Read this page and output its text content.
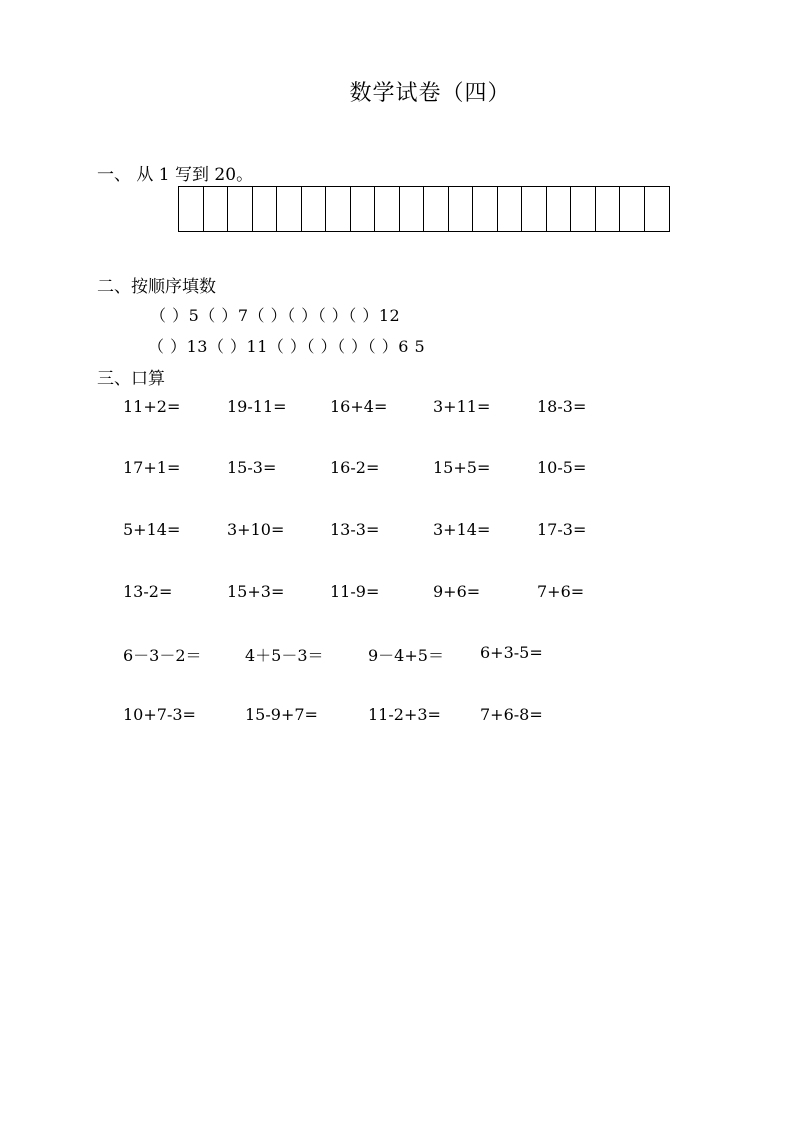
数学试卷（四）
一、 从 1 写到 20。
二、按顺序填数
（ ）5（ ）7（ ）（ ）（ ）（ ）12
（ ）13（ ）11（ ）（ ）（ ）（ ）6 5
三、口算
11+2=	19-11=	16+4=	3+11=	18-3=
17+1=	15-3=	16-2=	15+5=	10-5=
5+14=	3+10=	13-3=	3+14=	17-3=
13-2=	15+3=	11-9=	9+6=	7+6=
6－3－2＝	4＋5－3＝	9－4+5＝ 6+3-5=
10+7-3=	15-9+7=	11-2+3= 7+6-8=
